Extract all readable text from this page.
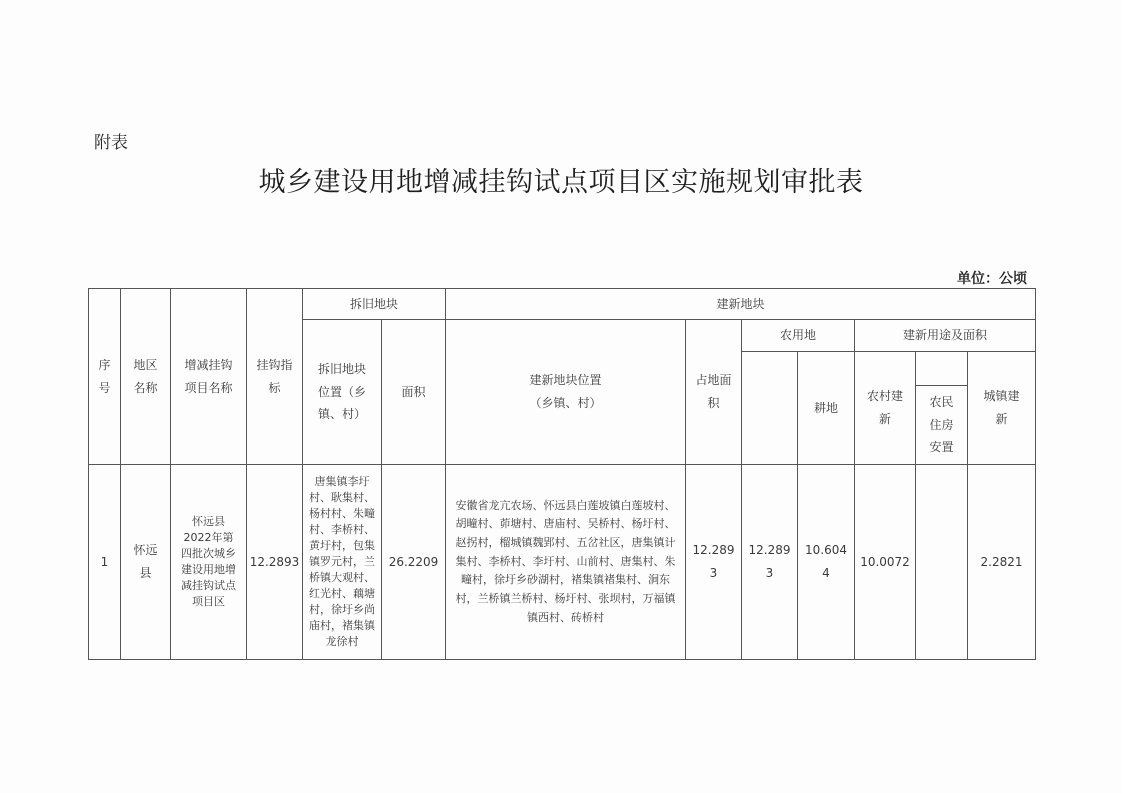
附表
城乡建设用地增减挂钩试点项目区实施规划审批表
单位：公顷
序
号
地区
名称
增减挂钩
项目名称
挂钩指
标
拆旧地块
拆旧地块
位置（乡
镇、村）
面积
建新地块
建新地块位置
（乡镇、村）
占地面
积
农用地
耕地
建新用途及面积
农村建
新
农民
住房
安置
城镇建
新
1
怀远
县
怀远县
2022年第
四批次城乡
建设用地增
减挂钩试点
项目区
12.2893
唐集镇李圩村、耿集村、杨村村、朱疃村、李桥村、黄圩村，包集镇罗元村，兰桥镇大观村、红光村、藕塘村，徐圩乡尚庙村，褚集镇龙徐村
26.2209
安徽省龙亢农场、怀远县白莲坡镇白莲坡村、胡疃村、茆塘村、唐庙村、吴桥村、杨圩村、赵拐村，榴城镇魏郢村、五岔社区，唐集镇计集村、李桥村、李圩村、山前村、唐集村、朱疃村，徐圩乡砂湖村，褚集镇褚集村、涧东村，兰桥镇兰桥村、杨圩村、张坝村，万福镇镇西村、砖桥村
12.289
3
12.289
3
10.604
4
10.0072	2.2821
